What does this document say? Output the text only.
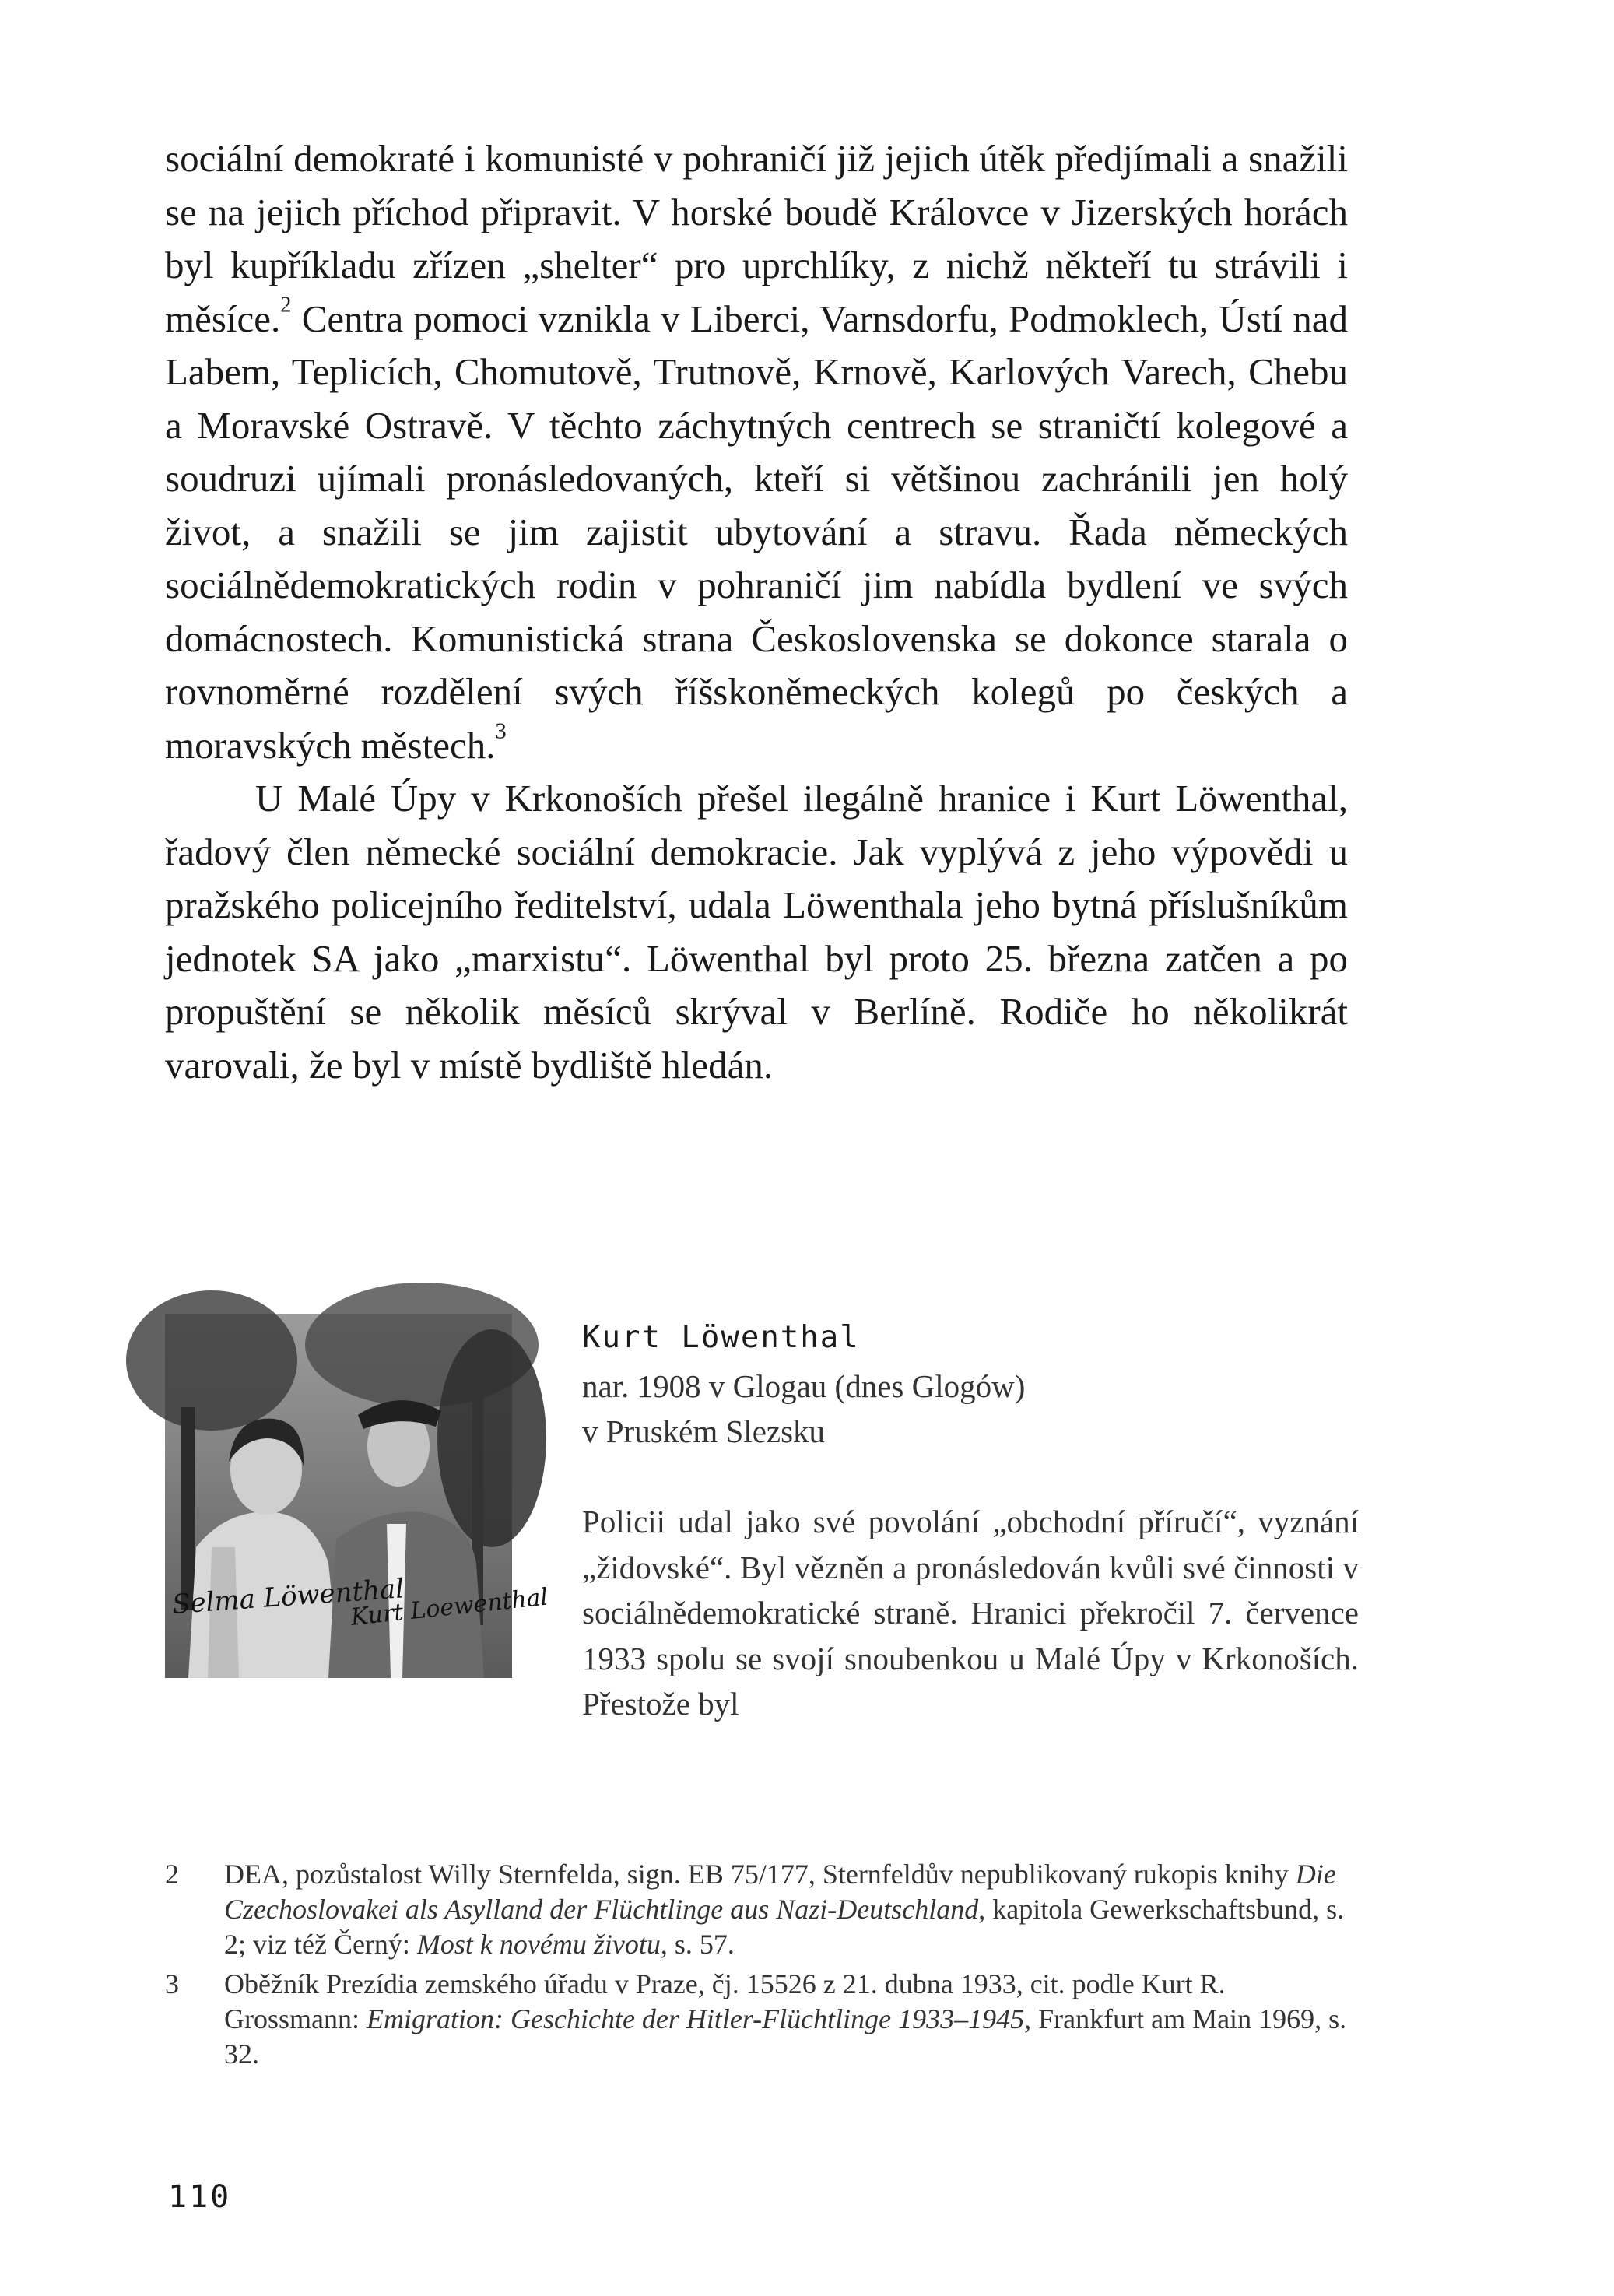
sociální demokraté i komunisté v pohraničí již jejich útěk předjímali a snažili se na jejich příchod připravit. V horské boudě Královce v Jizerských horách byl kupříkladu zřízen „shelter“ pro uprchlíky, z nichž někteří tu strávili i měsíce.$^2$ Centra pomoci vznikla v Liberci, Varnsdorfu, Podmoklech, Ústí nad Labem, Teplicích, Chomutově, Trutnově, Krnově, Karlových Varech, Chebu a Moravské Ostravě. V těchto záchytných centrech se straničtí kolegové a soudruzi ujímali pronásledovaných, kteří si většinou zachránili jen holý život, a snažili se jim zajistit ubytování a stravu. Řada německých sociálnědemokratických rodin v pohraničí jim nabídla bydlení ve svých domácnostech. Komunistická strana Československa se dokonce starala o rovnoměrné rozdělení svých říšskoněmeckých kolegů po českých a moravských městech.$^3$

U Malé Úpy v Krkonoších přešel ilegálně hranice i Kurt Löwenthal, řadový člen německé sociální demokracie. Jak vyplývá z jeho výpovědi u pražského policejního ředitelství, udala Löwenthala jeho bytná příslušníkům jednotek SA jako „marxistu“. Löwenthal byl proto 25. března zatčen a po propuštění se několik měsíců skrýval v Berlíně. Rodiče ho několikrát varovali, že byl v místě bydliště hledán.

Selma Löwenthal
Kurt Loewenthal
Kurt Löwenthal
nar. 1908 v Glogau (dnes Glogów)
v Pruském Slezsku
Policii udal jako své povolání „obchodní příručí“, vyznání „židovské“. Byl vězněn a pronásledován kvůli své činnosti v sociálnědemokratické straně. Hranici překročil 7. července 1933 spolu se svojí snoubenkou u Malé Úpy v Krkonoších. Přestože byl
2	DEA, pozůstalost Willy Sternfelda, sign. EB 75/177, Sternfeldův nepublikovaný rukopis knihy Die Czechoslovakei als Asylland der Flüchtlinge aus Nazi-Deutschland, kapitola Gewerkschaftsbund, s. 2; viz též Černý: Most k novému životu, s. 57.
3	Oběžník Prezídia zemského úřadu v Praze, čj. 15526 z 21. dubna 1933, cit. podle Kurt R. Grossmann: Emigration: Geschichte der Hitler-Flüchtlinge 1933–1945, Frankfurt am Main 1969, s. 32.
110
